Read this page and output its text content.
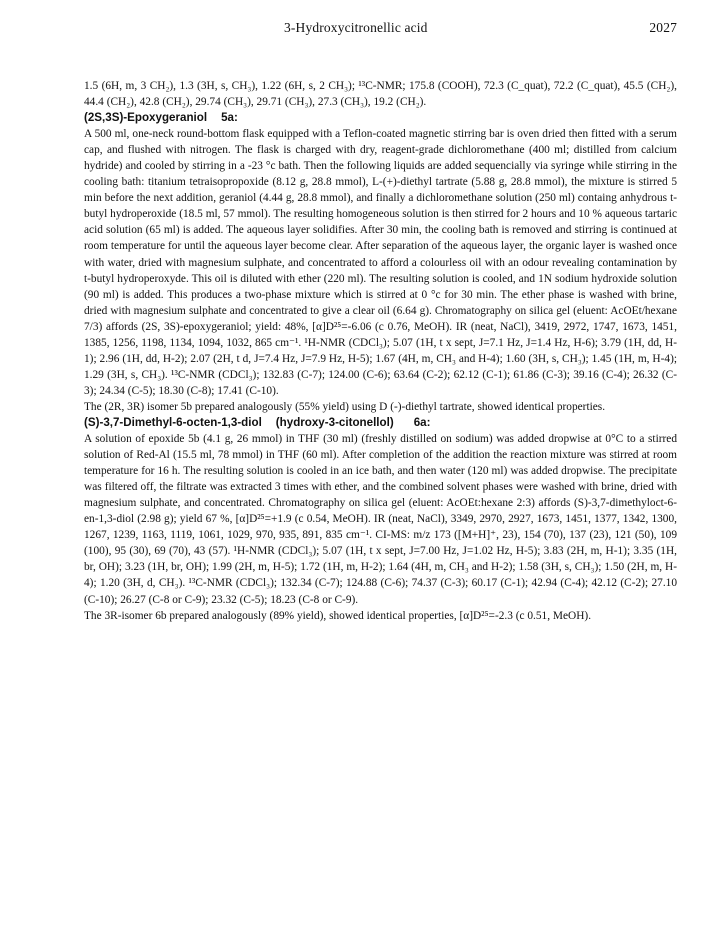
3-Hydroxycitronellic acid	2027

1.5 (6H, m, 3 CH₂), 1.3 (3H, s, CH₃), 1.22 (6H, s, 2 CH₃); ¹³C-NMR; 175.8 (COOH), 72.3 (C_quat), 72.2 (C_quat), 45.5 (CH₂), 44.4 (CH₂), 42.8 (CH₂), 29.74 (CH₃), 29.71 (CH₃), 27.3 (CH₃), 19.2 (CH₂).

(2S,3S)-Epoxygeraniol 5a:

A 500 ml, one-neck round-bottom flask equipped with a Teflon-coated magnetic stirring bar is oven dried then fitted with a serum cap, and flushed with nitrogen. The flask is charged with dry, reagent-grade dichloromethane (400 ml; distilled from calcium hydride) and cooled by stirring in a -23 °c bath. Then the following liquids are added sequencially via syringe while stirring in the cooling bath: titanium tetraisopropoxide (8.12 g, 28.8 mmol), L-(+)-diethyl tartrate (5.88 g, 28.8 mmol), the mixture is stirred 5 min before the next addition, geraniol (4.44 g, 28.8 mmol), and finally a dichloromethane solution (250 ml) containg anhydrous t-butyl hydroperoxide (18.5 ml, 57 mmol). The resulting homogeneous solution is then stirred for 2 hours and 10 % aqueous tartaric acid solution (65 ml) is added. The aqueous layer solidifies. After 30 min, the cooling bath is removed and stirring is continued at room temperature for until the aqueous layer become clear. After separation of the aqueous layer, the organic layer is washed once with water, dried with magnesium sulphate, and concentrated to afford a colourless oil with an odour revealing contamination by t-butyl hydroperoxyde. This oil is diluted with ether (220 ml). The resulting solution is cooled, and 1N sodium hydroxide solution (90 ml) is added. This produces a two-phase mixture which is stirred at 0 °c for 30 min. The ether phase is washed with brine, dried with magnesium sulphate and concentrated to give a clear oil (6.64 g). Chromatography on silica gel (eluent: AcOEt/hexane 7/3) affords (2S, 3S)-epoxygeraniol; yield: 48%, [α]D²⁵=-6.06 (c 0.76, MeOH). IR (neat, NaCl), 3419, 2972, 1747, 1673, 1451, 1385, 1256, 1198, 1134, 1094, 1032, 865 cm⁻¹. ¹H-NMR (CDCl₃); 5.07 (1H, t x sept, J=7.1 Hz, J=1.4 Hz, H-6); 3.79 (1H, dd, H-1); 2.96 (1H, dd, H-2); 2.07 (2H, t d, J=7.4 Hz, J=7.9 Hz, H-5); 1.67 (4H, m, CH₃ and H-4); 1.60 (3H, s, CH₃); 1.45 (1H, m, H-4); 1.29 (3H, s, CH₃). ¹³C-NMR (CDCl₃); 132.83 (C-7); 124.00 (C-6); 63.64 (C-2); 62.12 (C-1); 61.86 (C-3); 39.16 (C-4); 26.32 (C-3); 24.34 (C-5); 18.30 (C-8); 17.41 (C-10).

The (2R, 3R) isomer 5b prepared analogously (55% yield) using D (-)-diethyl tartrate, showed identical properties.

(S)-3,7-Dimethyl-6-octen-1,3-diol (hydroxy-3-citonellol) 6a:

A solution of epoxide 5b (4.1 g, 26 mmol) in THF (30 ml) (freshly distilled on sodium) was added dropwise at 0°C to a stirred solution of Red-Al (15.5 ml, 78 mmol) in THF (60 ml). After completion of the addition the reaction mixture was stirred at room temperature for 16 h. The resulting solution is cooled in an ice bath, and then water (120 ml) was added dropwise. The precipitate was filtered off, the filtrate was extracted 3 times with ether, and the combined solvent phases were washed with brine, dried with magnesium sulphate, and concentrated. Chromatography on silica gel (eluent: AcOEt:hexane 2:3) affords (S)-3,7-dimethyloct-6-en-1,3-diol (2.98 g); yield 67 %, [α]D²⁵=+1.9 (c 0.54, MeOH). IR (neat, NaCl), 3349, 2970, 2927, 1673, 1451, 1377, 1342, 1300, 1267, 1239, 1163, 1119, 1061, 1029, 970, 935, 891, 835 cm⁻¹. CI-MS: m/z 173 ([M+H]⁺, 23), 154 (70), 137 (23), 121 (50), 109 (100), 95 (30), 69 (70), 43 (57). ¹H-NMR (CDCl₃); 5.07 (1H, t x sept, J=7.00 Hz, J=1.02 Hz, H-5); 3.83 (2H, m, H-1); 3.35 (1H, br, OH); 3.23 (1H, br, OH); 1.99 (2H, m, H-5); 1.72 (1H, m, H-2); 1.64 (4H, m, CH₃ and H-2); 1.58 (3H, s, CH₃); 1.50 (2H, m, H-4); 1.20 (3H, d, CH₃). ¹³C-NMR (CDCl₃); 132.34 (C-7); 124.88 (C-6); 74.37 (C-3); 60.17 (C-1); 42.94 (C-4); 42.12 (C-2); 27.10 (C-10); 26.27 (C-8 or C-9); 23.32 (C-5); 18.23 (C-8 or C-9).

The 3R-isomer 6b prepared analogously (89% yield), showed identical properties, [α]D²⁵=-2.3 (c 0.51, MeOH).
